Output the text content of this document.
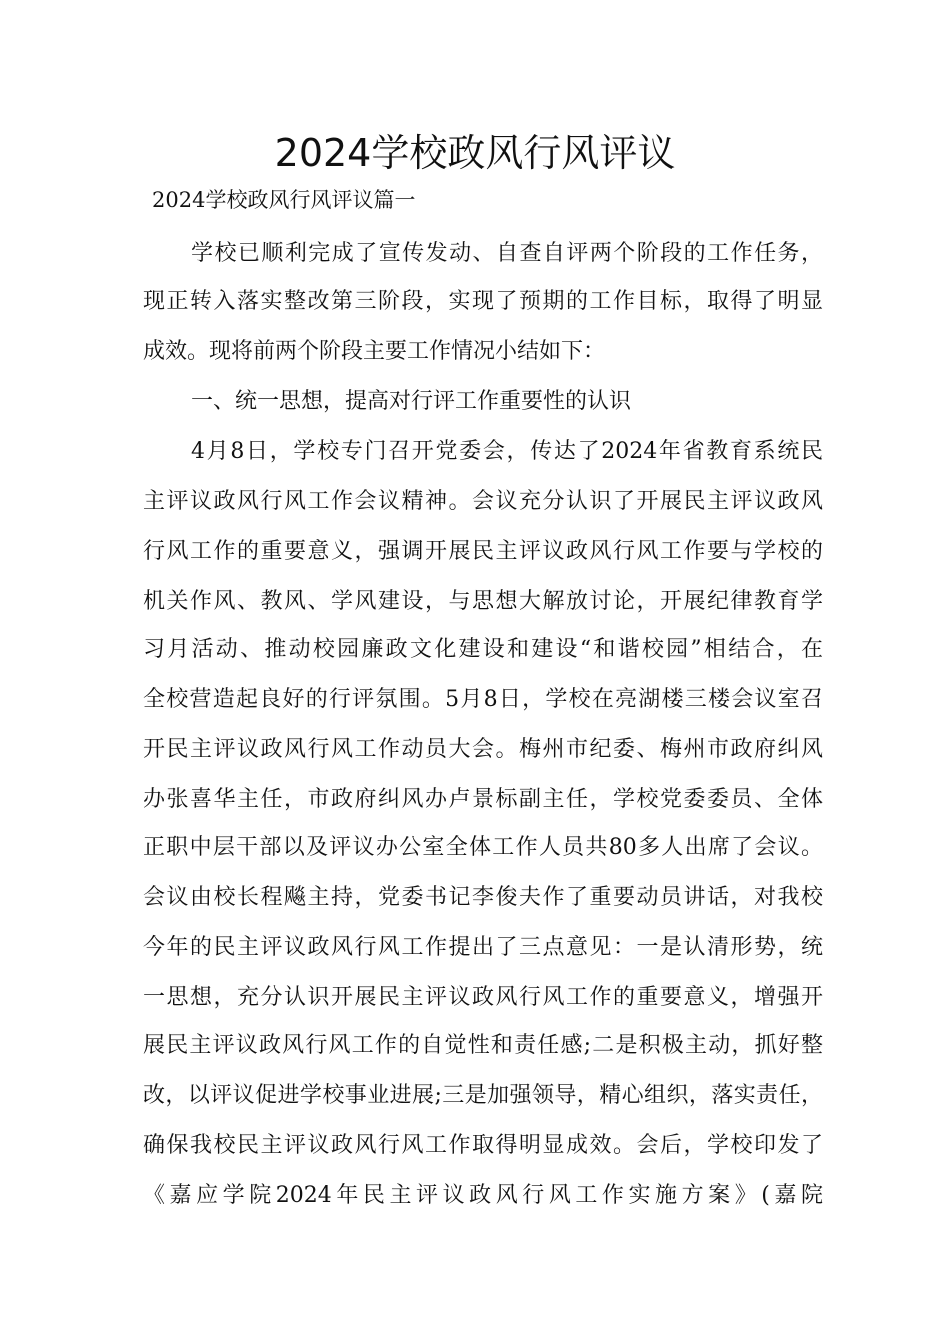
2024学校政风行风评议

2024学校政风行风评议篇一

学校已顺利完成了宣传发动、自查自评两个阶段的工作任务，

现正转入落实整改第三阶段，实现了预期的工作目标，取得了明显

成效。现将前两个阶段主要工作情况小结如下：

一、统一思想，提高对行评工作重要性的认识

4月8日，学校专门召开党委会，传达了2024年省教育系统民

主评议政风行风工作会议精神。会议充分认识了开展民主评议政风

行风工作的重要意义，强调开展民主评议政风行风工作要与学校的

机关作风、教风、学风建设，与思想大解放讨论，开展纪律教育学

习月活动、推动校园廉政文化建设和建设“和谐校园”相结合，在

全校营造起良好的行评氛围。5月8日，学校在亮湖楼三楼会议室召

开民主评议政风行风工作动员大会。梅州市纪委、梅州市政府纠风

办张喜华主任，市政府纠风办卢景标副主任，学校党委委员、全体

正职中层干部以及评议办公室全体工作人员共80多人出席了会议。

会议由校长程飚主持，党委书记李俊夫作了重要动员讲话，对我校

今年的民主评议政风行风工作提出了三点意见：一是认清形势，统

一思想，充分认识开展民主评议政风行风工作的重要意义，增强开

展民主评议政风行风工作的自觉性和责任感;二是积极主动，抓好整

改，以评议促进学校事业进展;三是加强领导，精心组织，落实责任，

确保我校民主评议政风行风工作取得明显成效。会后，学校印发了

《嘉应学院2024年民主评议政风行风工作实施方案》(嘉院
